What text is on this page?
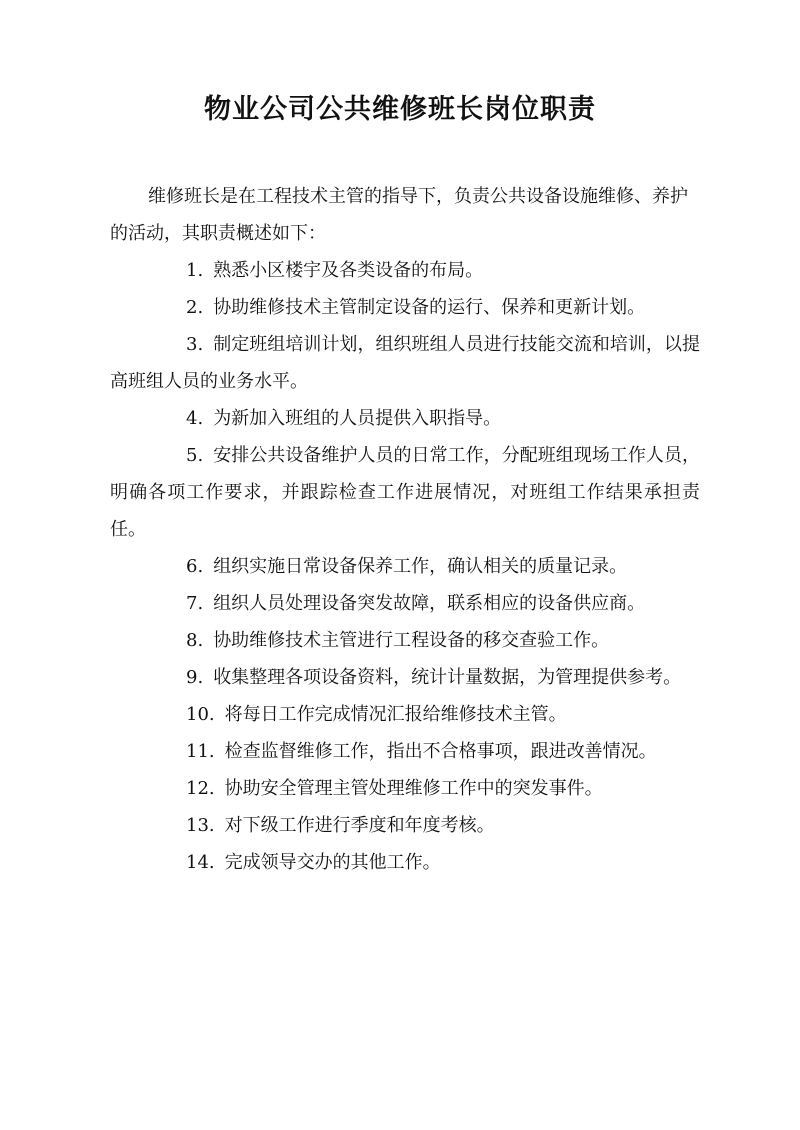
物业公司公共维修班长岗位职责

维修班长是在工程技术主管的指导下，负责公共设备设施维修、养护的活动，其职责概述如下：

1. 熟悉小区楼宇及各类设备的布局。

2. 协助维修技术主管制定设备的运行、保养和更新计划。

3. 制定班组培训计划，组织班组人员进行技能交流和培训，以提高班组人员的业务水平。

4. 为新加入班组的人员提供入职指导。

5. 安排公共设备维护人员的日常工作，分配班组现场工作人员，明确各项工作要求，并跟踪检查工作进展情况，对班组工作结果承担责任。

6. 组织实施日常设备保养工作，确认相关的质量记录。

7. 组织人员处理设备突发故障，联系相应的设备供应商。

8. 协助维修技术主管进行工程设备的移交查验工作。

9. 收集整理各项设备资料，统计计量数据，为管理提供参考。

10. 将每日工作完成情况汇报给维修技术主管。

11. 检查监督维修工作，指出不合格事项，跟进改善情况。

12. 协助安全管理主管处理维修工作中的突发事件。

13. 对下级工作进行季度和年度考核。

14. 完成领导交办的其他工作。
